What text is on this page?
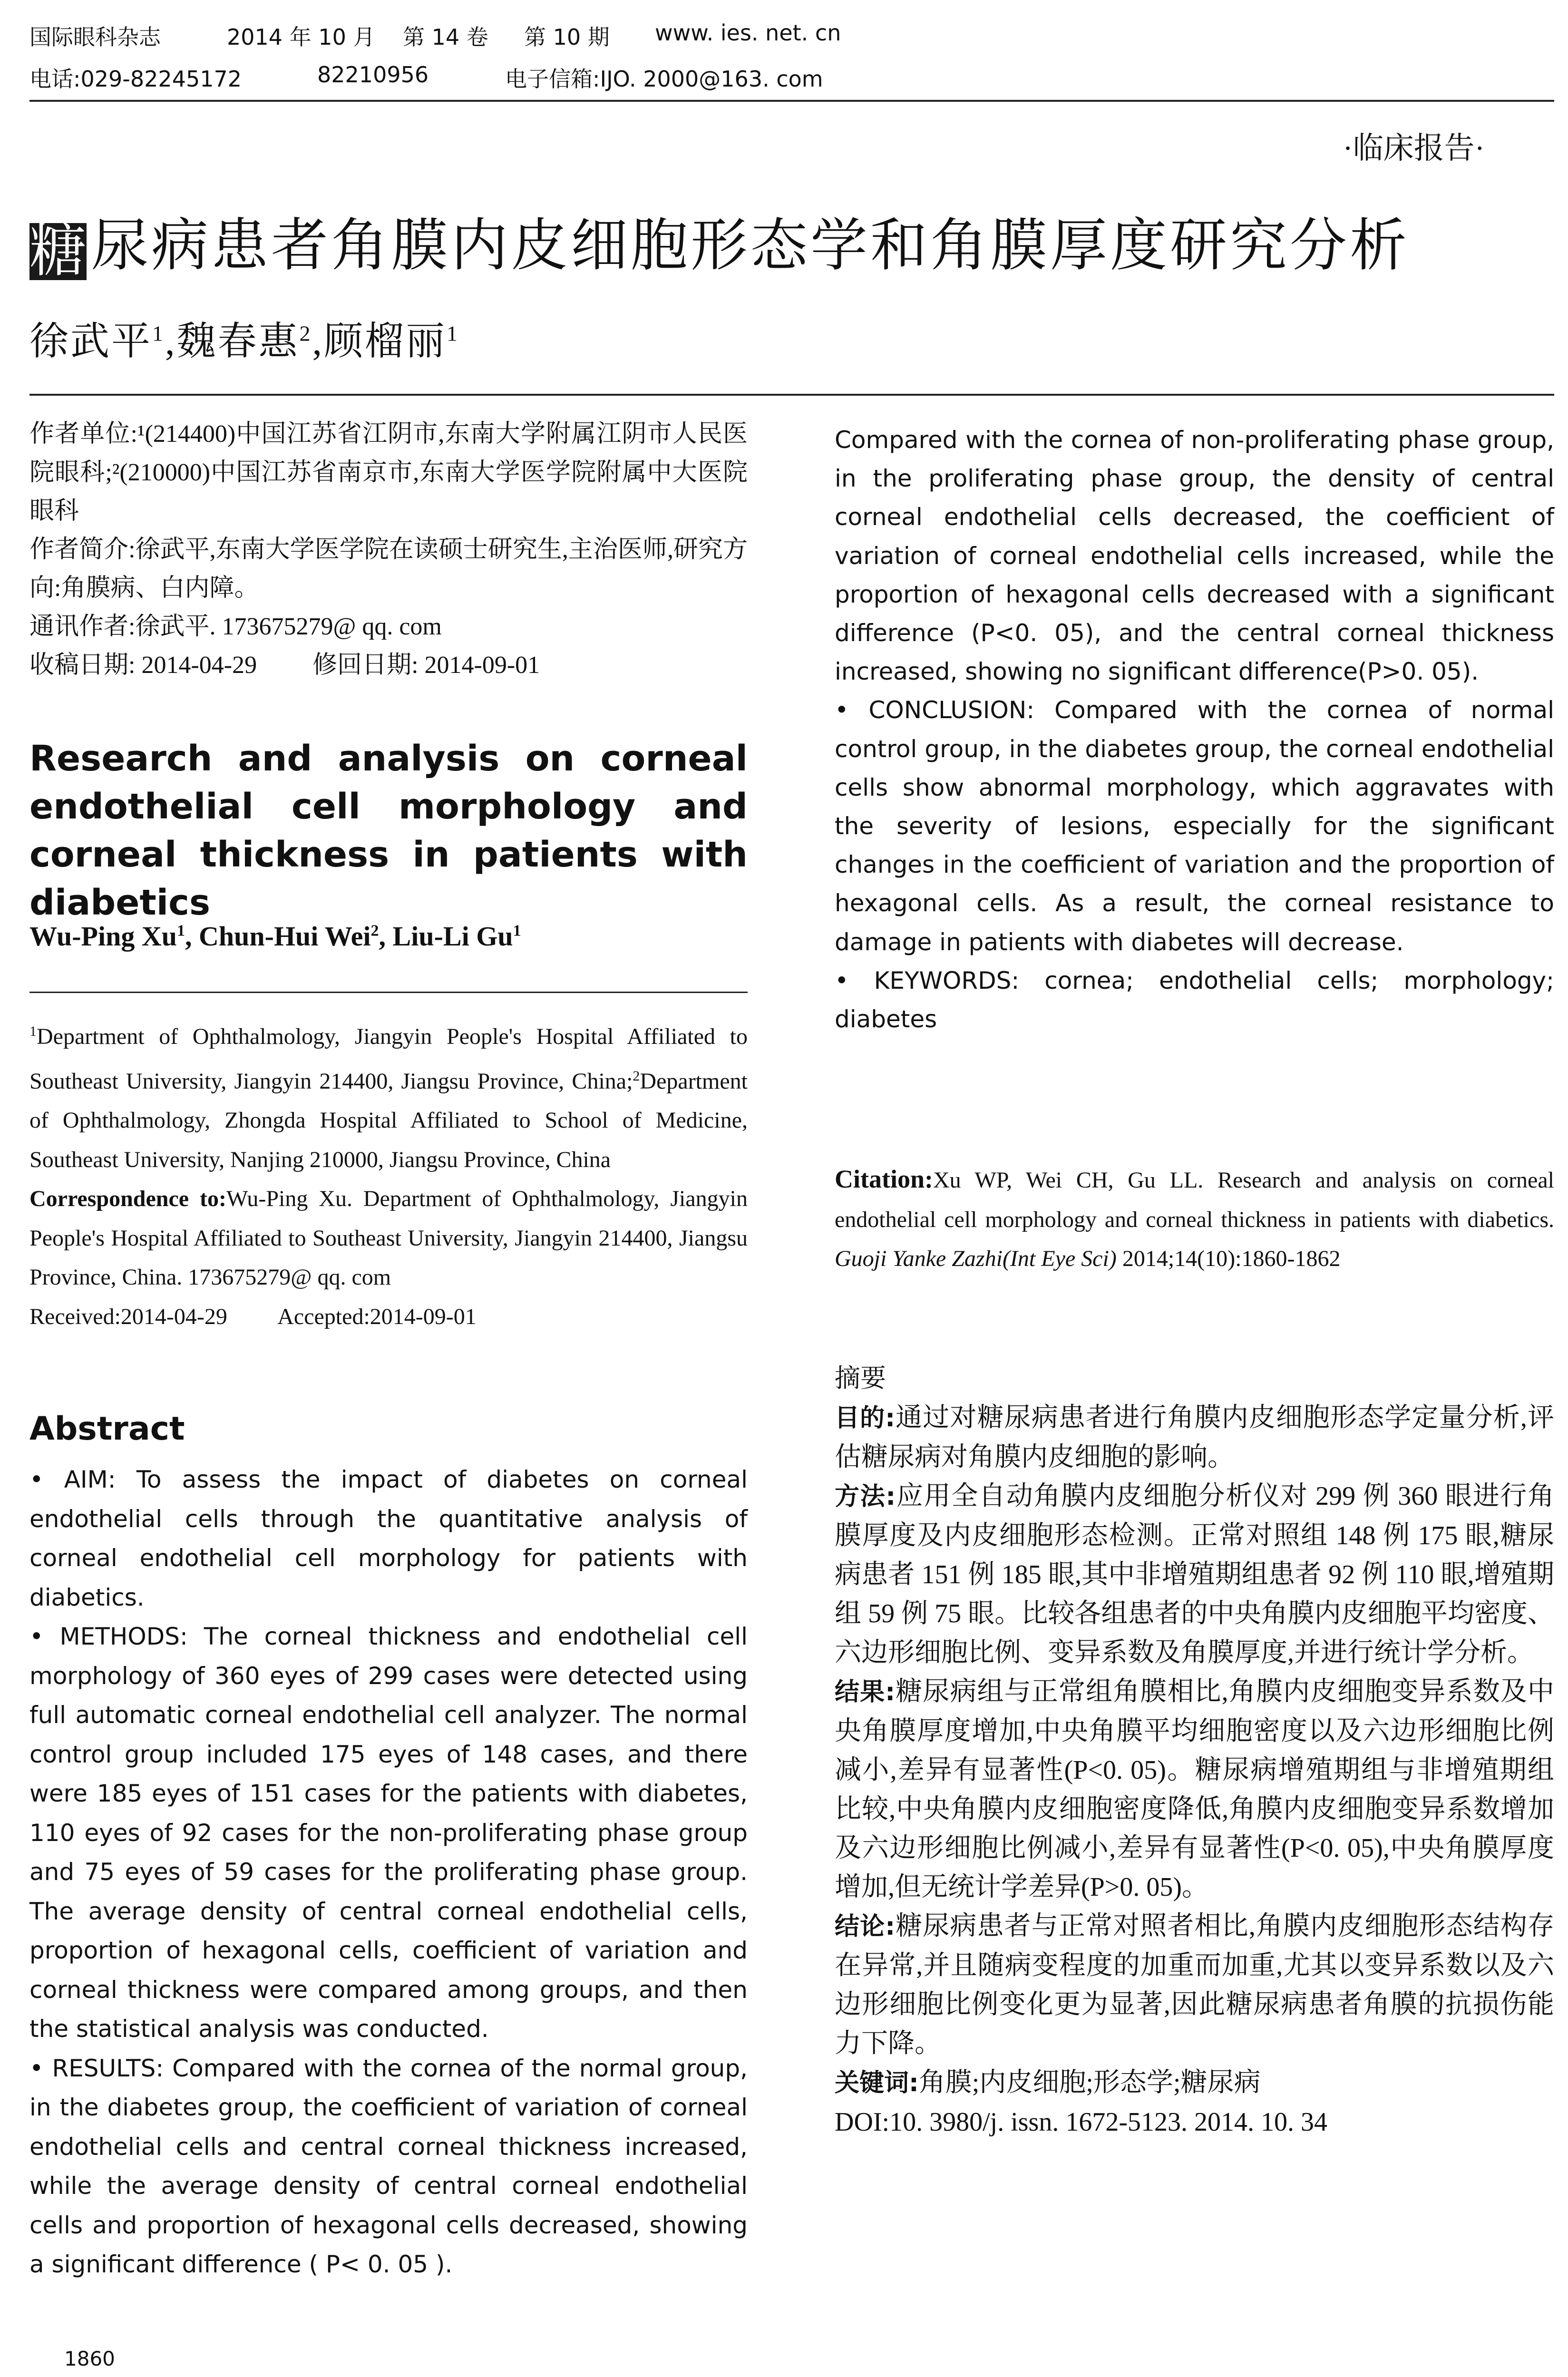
国际眼科杂志	2014 年 10 月 第 14 卷 第 10 期 www. ies. net. cn
电话:029-82245172	82210956	电子信箱:IJO. 2000@163. com
·临床报告·
糖尿病患者角膜内皮细胞形态学和角膜厚度研究分析
徐武平$^1$,魏春惠$^2$,顾榴丽$^1$

作者单位:¹(214400)中国江苏省江阴市,东南大学附属江阴市人民医院眼科;²(210000)中国江苏省南京市,东南大学医学院附属中大医院眼科

作者简介:徐武平,东南大学医学院在读硕士研究生,主治医师,研究方向:角膜病、白内障。

通讯作者:徐武平. 173675279@ qq. com

收稿日期: 2014-04-29　　 修回日期: 2014-09-01

Research and analysis on corneal endothelial cell morphology and corneal thickness in patients with diabetics
Wu-Ping Xu$^1$, Chun-Hui Wei$^2$, Liu-Li Gu$^1$

$^1$Department of Ophthalmology, Jiangyin People's Hospital Affiliated to Southeast University, Jiangyin 214400, Jiangsu Province, China;$^2$Department of Ophthalmology, Zhongda Hospital Affiliated to School of Medicine, Southeast University, Nanjing 210000, Jiangsu Province, China

Correspondence to:Wu-Ping Xu. Department of Ophthalmology, Jiangyin People's Hospital Affiliated to Southeast University, Jiangyin 214400, Jiangsu Province, China. 173675279@ qq. com

Received:2014-04-29　　 Accepted:2014-09-01

Abstract

• AIM: To assess the impact of diabetes on corneal endothelial cells through the quantitative analysis of corneal endothelial cell morphology for patients with diabetics.

• METHODS: The corneal thickness and endothelial cell morphology of 360 eyes of 299 cases were detected using full automatic corneal endothelial cell analyzer. The normal control group included 175 eyes of 148 cases, and there were 185 eyes of 151 cases for the patients with diabetes, 110 eyes of 92 cases for the non-proliferating phase group and 75 eyes of 59 cases for the proliferating phase group. The average density of central corneal endothelial cells, proportion of hexagonal cells, coefficient of variation and corneal thickness were compared among groups, and then the statistical analysis was conducted.

• RESULTS: Compared with the cornea of the normal group, in the diabetes group, the coefficient of variation of corneal endothelial cells and central corneal thickness increased, while the average density of central corneal endothelial cells and proportion of hexagonal cells decreased, showing a significant difference ( P< 0. 05 ).

1860

Compared with the cornea of non-proliferating phase group, in the proliferating phase group, the density of central corneal endothelial cells decreased, the coefficient of variation of corneal endothelial cells increased, while the proportion of hexagonal cells decreased with a significant difference (P<0. 05), and the central corneal thickness increased, showing no significant difference(P>0. 05).

• CONCLUSION: Compared with the cornea of normal control group, in the diabetes group, the corneal endothelial cells show abnormal morphology, which aggravates with the severity of lesions, especially for the significant changes in the coefficient of variation and the proportion of hexagonal cells. As a result, the corneal resistance to damage in patients with diabetes will decrease.

• KEYWORDS: cornea; endothelial cells; morphology; diabetes

Citation:Xu WP, Wei CH, Gu LL. Research and analysis on corneal endothelial cell morphology and corneal thickness in patients with diabetics. Guoji Yanke Zazhi(Int Eye Sci) 2014;14(10):1860-1862
摘要

目的:通过对糖尿病患者进行角膜内皮细胞形态学定量分析,评估糖尿病对角膜内皮细胞的影响。

方法:应用全自动角膜内皮细胞分析仪对 299 例 360 眼进行角膜厚度及内皮细胞形态检测。正常对照组 148 例 175 眼,糖尿病患者 151 例 185 眼,其中非增殖期组患者 92 例 110 眼,增殖期组 59 例 75 眼。比较各组患者的中央角膜内皮细胞平均密度、六边形细胞比例、变异系数及角膜厚度,并进行统计学分析。

结果:糖尿病组与正常组角膜相比,角膜内皮细胞变异系数及中央角膜厚度增加,中央角膜平均细胞密度以及六边形细胞比例减小,差异有显著性(P<0. 05)。糖尿病增殖期组与非增殖期组比较,中央角膜内皮细胞密度降低,角膜内皮细胞变异系数增加及六边形细胞比例减小,差异有显著性(P<0. 05),中央角膜厚度增加,但无统计学差异(P>0. 05)。

结论:糖尿病患者与正常对照者相比,角膜内皮细胞形态结构存在异常,并且随病变程度的加重而加重,尤其以变异系数以及六边形细胞比例变化更为显著,因此糖尿病患者角膜的抗损伤能力下降。

关键词:角膜;内皮细胞;形态学;糖尿病

DOI:10. 3980/j. issn. 1672-5123. 2014. 10. 34
